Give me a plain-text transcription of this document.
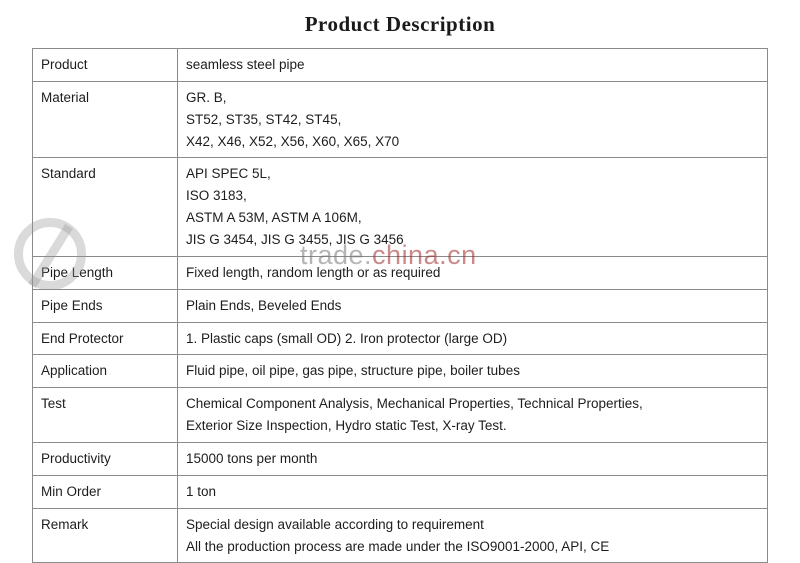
Product Description
Product	seamless steel pipe

Material	GR. B,
ST52, ST35, ST42, ST45,
X42, X46, X52, X56, X60, X65, X70

Standard	API SPEC 5L,
ISO 3183,
ASTM A 53M, ASTM A 106M,
JIS G 3454, JIS G 3455, JIS G 3456

Pipe Length	Fixed length, random length or as required

Pipe Ends	Plain Ends, Beveled Ends

End Protector	1. Plastic caps (small OD) 2. Iron protector (large OD)

Application	Fluid pipe, oil pipe, gas pipe, structure pipe, boiler tubes

Test	Chemical Component Analysis, Mechanical Properties, Technical Properties,
Exterior Size Inspection, Hydro static Test, X-ray Test.

Productivity	15000 tons per month

Min Order	1 ton

Remark	Special design available according to requirement
All the production process are made under the ISO9001-2000, API, CE
trade.china.cn
